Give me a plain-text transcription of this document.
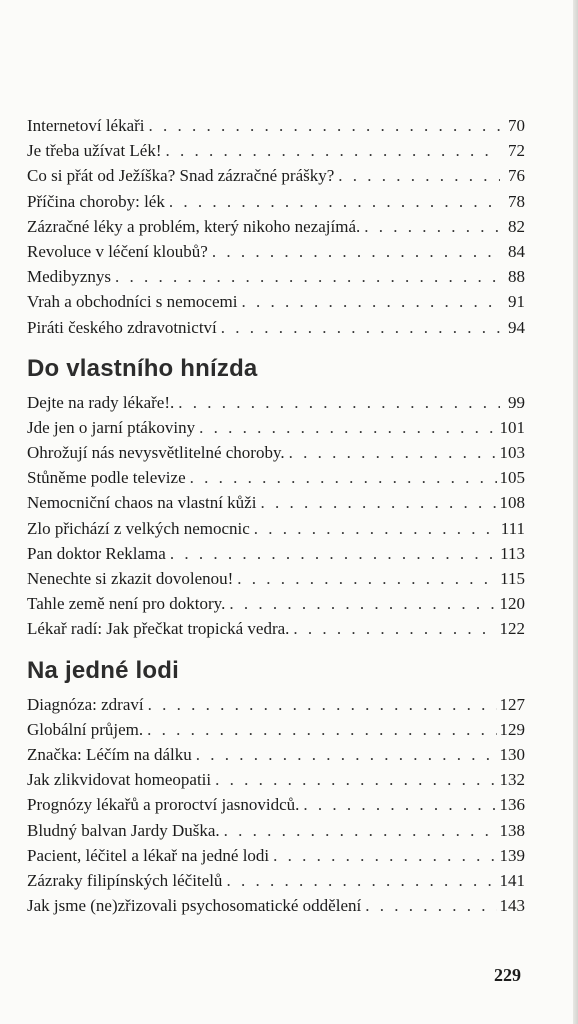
Internetoví lékaři . . .	70
Je třeba užívat Lék! . . .	72
Co si přát od Ježíška? Snad zázračné prášky? . . .	76
Příčina choroby: lék . . .	78
Zázračné léky a problém, který nikoho nezajímá. . . .	82
Revoluce v léčení kloubů? . . .	84
Medibyznys . . .	88
Vrah a obchodníci s nemocemi . . .	91
Piráti českého zdravotnictví . . .	94
Do vlastního hnízda
Dejte na rady lékaře!. . . .	99
Jde jen o jarní ptákoviny . . .	101
Ohrožují nás nevysvětlitelné choroby. . . .	103
Stůněme podle televize . . .	105
Nemocniční chaos na vlastní kůži . . .	108
Zlo přichází z velkých nemocnic . . .	111
Pan doktor Reklama . . .	113
Nenechte si zkazit dovolenou! . . .	115
Tahle země není pro doktory. . . .	120
Lékař radí: Jak přečkat tropická vedra. . . .	122
Na jedné lodi
Diagnóza: zdraví . . .	127
Globální průjem. . . .	129
Značka: Léčím na dálku . . .	130
Jak zlikvidovat homeopatii . . .	132
Prognózy lékařů a proroctví jasnovidců. . . .	136
Bludný balvan Jardy Duška. . . .	138
Pacient, léčitel a lékař na jedné lodi . . .	139
Zázraky filipínských léčitelů . . .	141
Jak jsme (ne)zřizovali psychosomatické oddělení . . .	143
229
